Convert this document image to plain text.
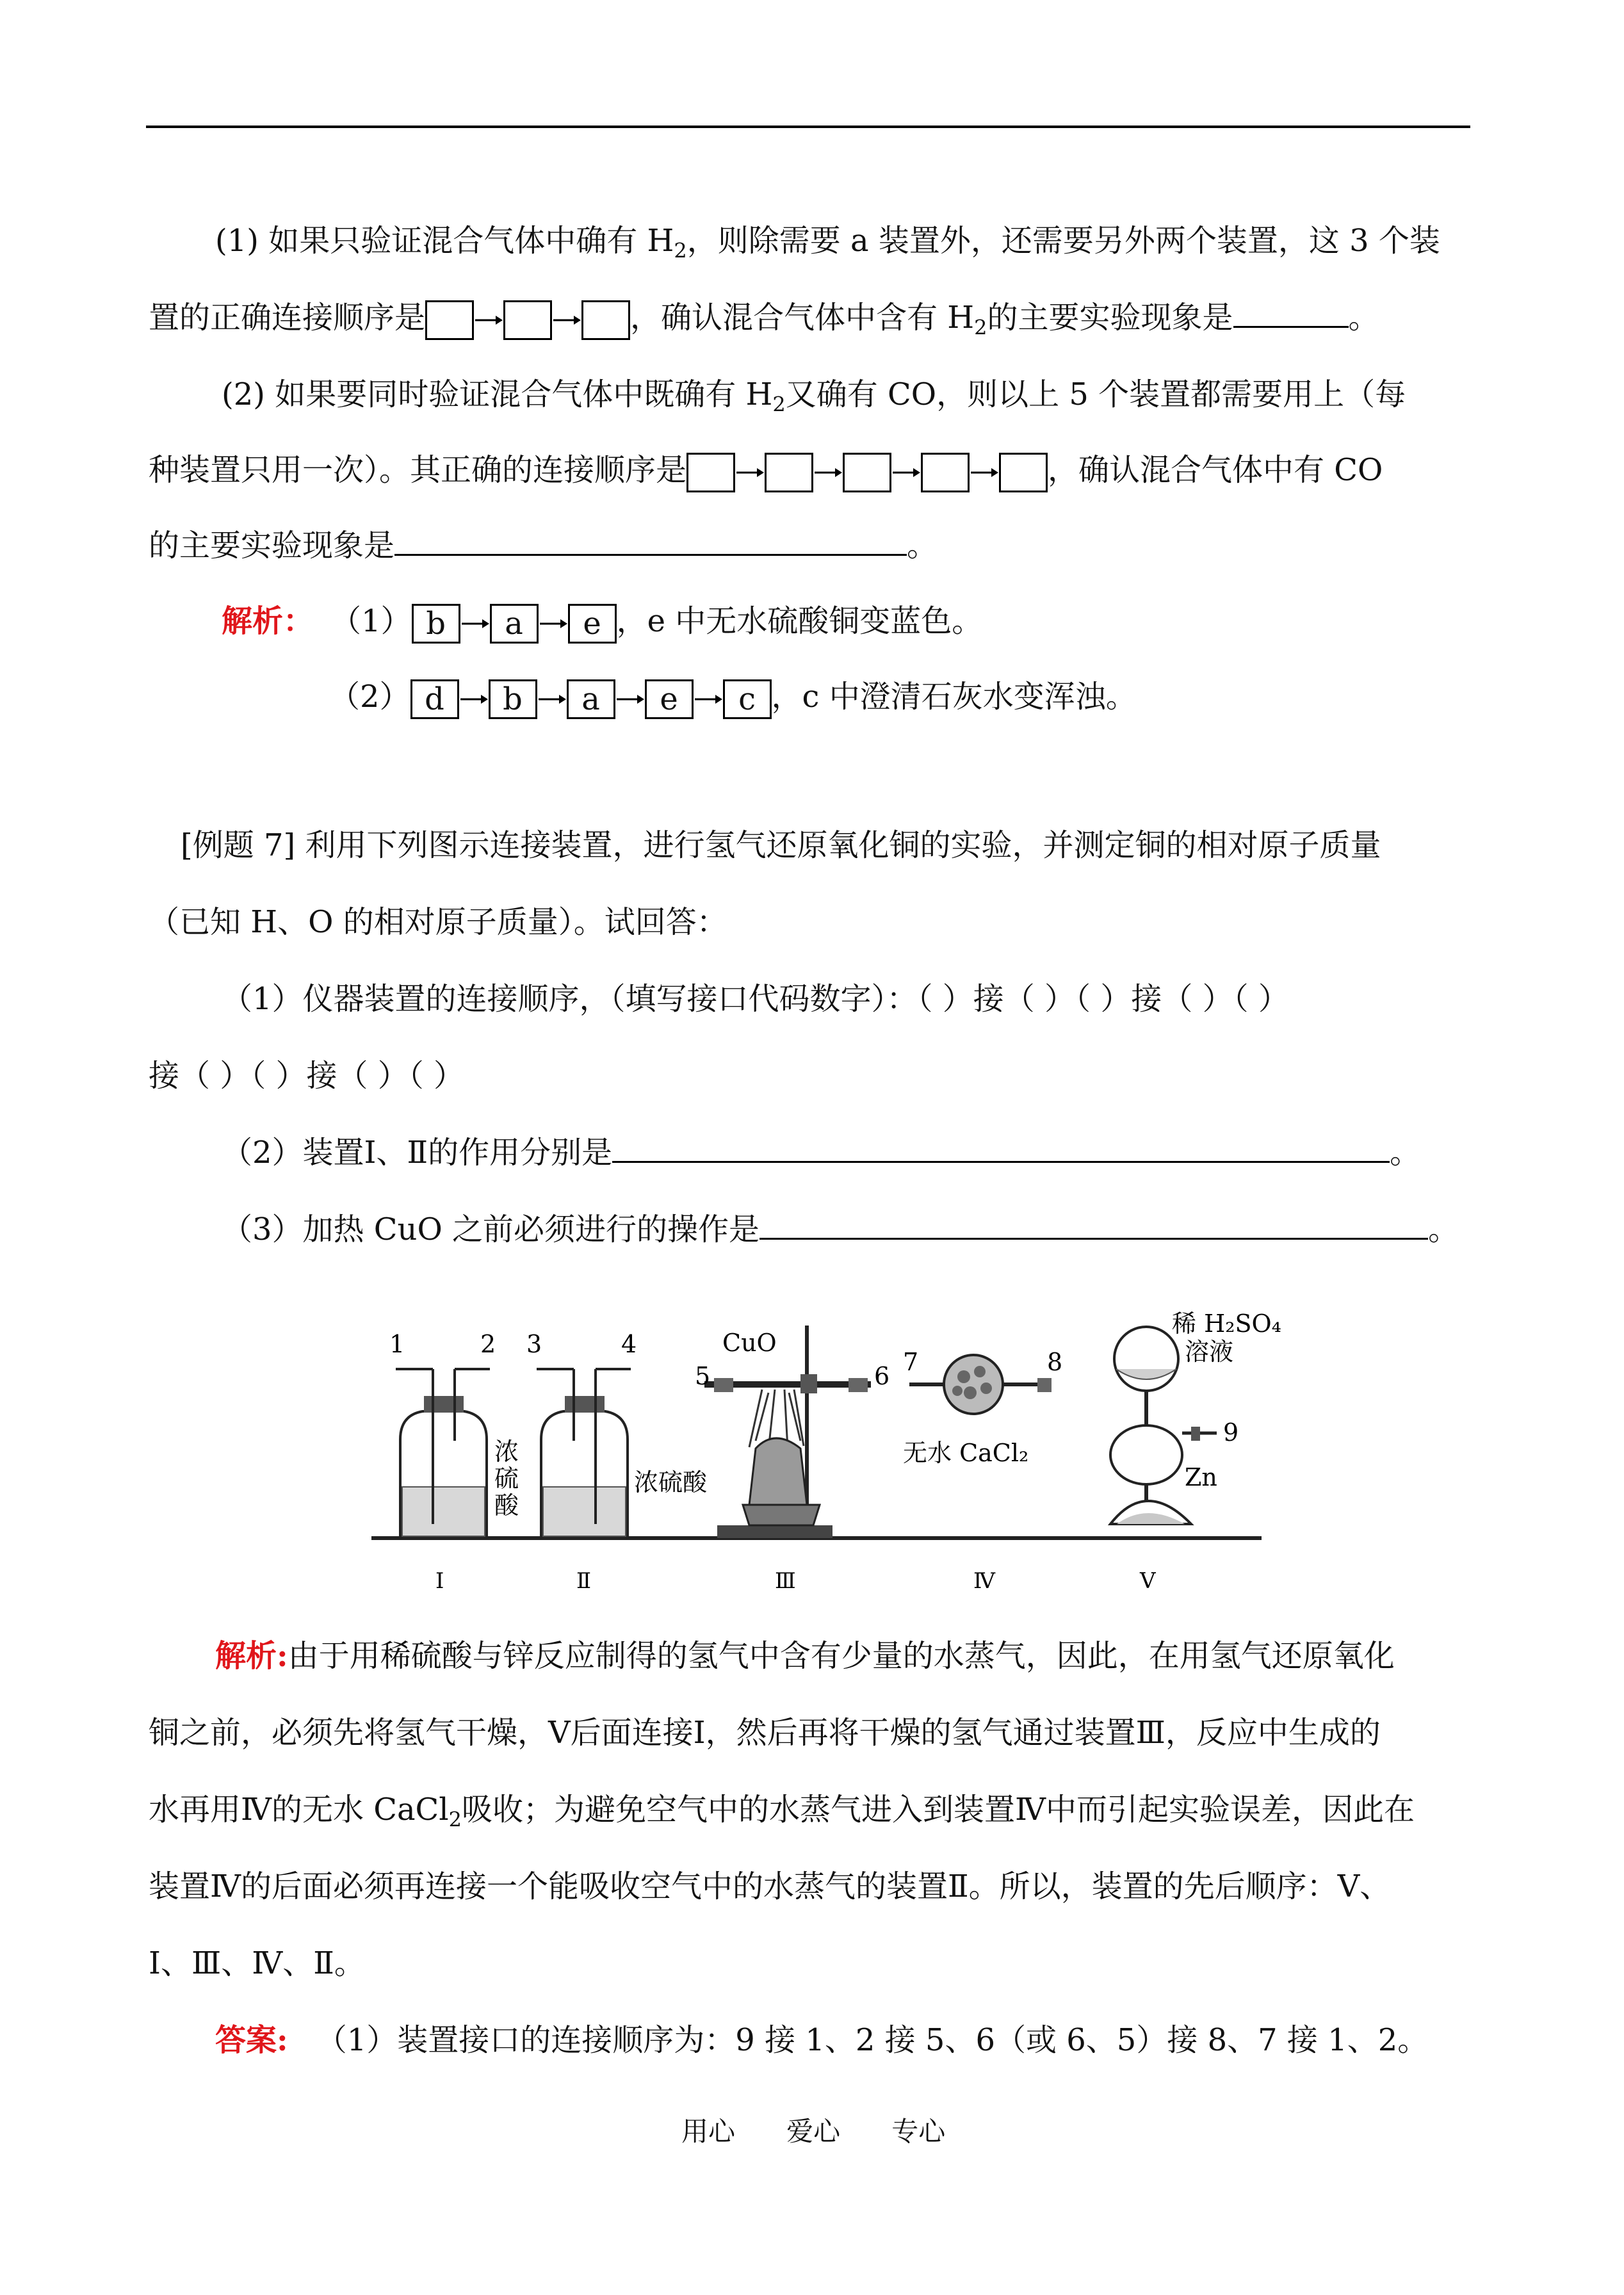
(1) 如果只验证混合气体中确有 $H_2$，则除需要 a 装置外，还需要另外两个装置，这 3 个装
置的正确连接顺序是	，确认混合气体中含有 $H_2$的主要实验现象是	。
(2) 如果要同时验证混合气体中既确有 $H_2$又确有 CO，则以上 5 个装置都需要用上（每
种装置只用一次）。其正确的连接顺序是	，确认混合气体中有 CO
的主要实验现象是	。
解析： （1） b a e ，e 中无水硫酸铜变蓝色。
（2） d b a e c ，c 中澄清石灰水变浑浊。
[例题 7] 利用下列图示连接装置，进行氢气还原氧化铜的实验，并测定铜的相对原子质量
（已知 H、O 的相对原子质量）。试回答：
（1）仪器装置的连接顺序，（填写接口代码数字）：（ ）接（ ）（ ）接（ ）（ ）
接（ ）（ ）接（ ）（ ）
（2）装置Ⅰ、Ⅱ的作用分别是	。
（3）加热 CuO 之前必须进行的操作是	。
1	2
浓
硫
酸
3	4
浓硫酸
5	6
CuO
7	8
无水 CaCl₂
9
稀 H₂SO₄
溶液
Zn
Ⅰ	Ⅱ	Ⅲ	Ⅳ	Ⅴ
解析:由于用稀硫酸与锌反应制得的氢气中含有少量的水蒸气，因此，在用氢气还原氧化
铜之前，必须先将氢气干燥，Ⅴ后面连接Ⅰ，然后再将干燥的氢气通过装置Ⅲ，反应中生成的
水再用Ⅳ的无水 CaCl$_2$吸收；为避免空气中的水蒸气进入到装置Ⅳ中而引起实验误差，因此在
装置Ⅳ的后面必须再连接一个能吸收空气中的水蒸气的装置Ⅱ。所以，装置的先后顺序：Ⅴ、
Ⅰ、Ⅲ、Ⅳ、Ⅱ。
答案: （1）装置接口的连接顺序为：9 接 1、2 接 5、6（或 6、5）接 8、7 接 1、2。
用心      爱心      专心
